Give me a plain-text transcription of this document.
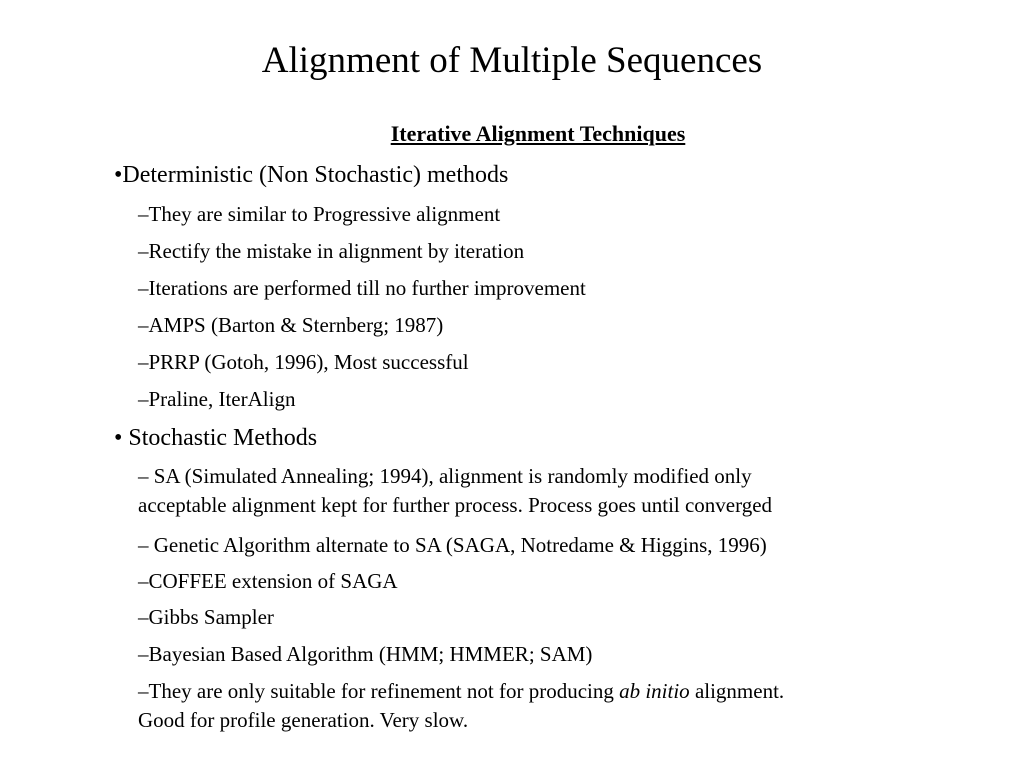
Alignment of Multiple Sequences
Iterative Alignment Techniques
•Deterministic (Non Stochastic) methods
–They are similar to Progressive alignment
–Rectify the mistake in alignment by iteration
–Iterations are performed till no further improvement
–AMPS (Barton & Sternberg; 1987)
–PRRP (Gotoh, 1996), Most successful
–Praline, IterAlign
• Stochastic Methods
– SA (Simulated Annealing; 1994), alignment is randomly modified only
acceptable alignment kept for further process. Process goes until converged
– Genetic Algorithm alternate to SA (SAGA, Notredame & Higgins, 1996)
–COFFEE extension of SAGA
–Gibbs Sampler
–Bayesian Based Algorithm (HMM; HMMER; SAM)
–They are only suitable for refinement not for producing ab initio alignment.
Good for profile generation. Very slow.
